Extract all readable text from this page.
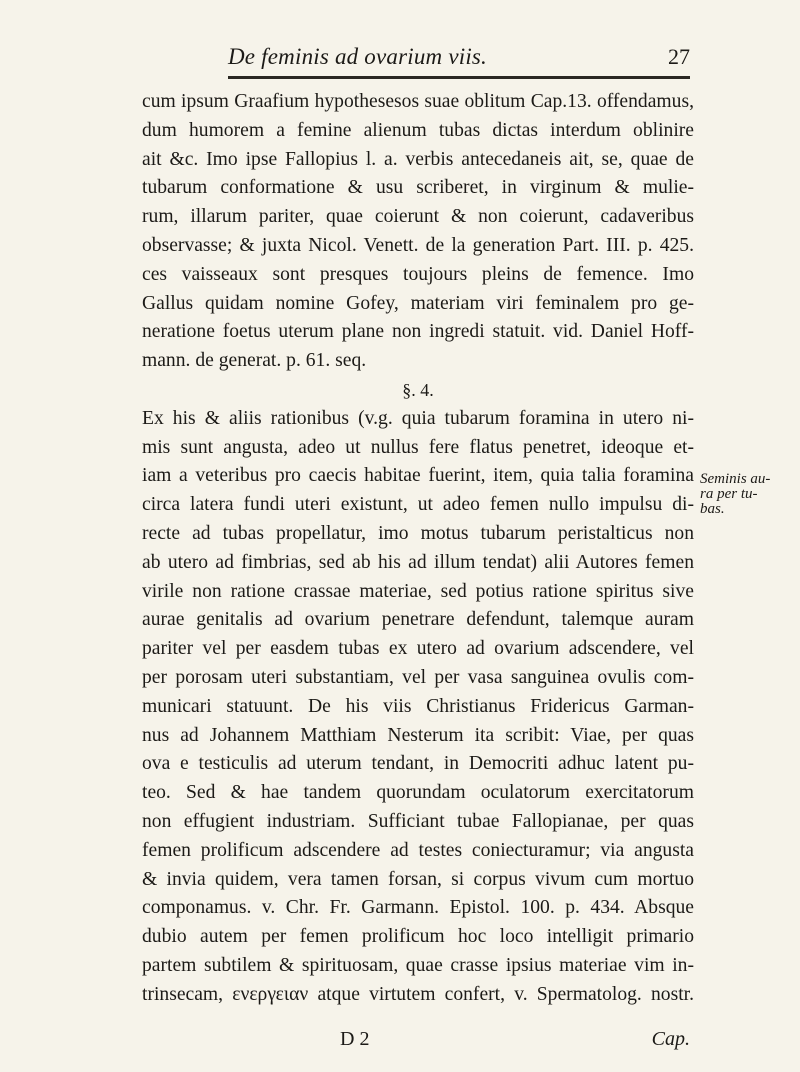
De feminis ad ovarium viis.	27
cum ipsum Graafium hypothesesos suae oblitum Cap.13. offendamus,
dum humorem a femine alienum tubas dictas interdum oblinire
ait &c. Imo ipse Fallopius l. a. verbis antecedaneis ait, se, quae de
tubarum conformatione & usu scriberet, in virginum & mulie-
rum, illarum pariter, quae coierunt & non coierunt, cadaveribus
observasse; & juxta Nicol. Venett. de la generation Part. III. p. 425.
ces vaisseaux sont presques toujours pleins de femence. Imo
Gallus quidam nomine Gofey, materiam viri feminalem pro ge-
neratione foetus uterum plane non ingredi statuit. vid. Daniel Hoff-
mann. de generat. p. 61. seq.
§. 4.
Ex his & aliis rationibus (v.g. quia tubarum foramina in utero ni-
mis sunt angusta, adeo ut nullus fere flatus penetret, ideoque et-
iam a veteribus pro caecis habitae fuerint, item, quia talia foramina
circa latera fundi uteri existunt, ut adeo femen nullo impulsu di-
recte ad tubas propellatur, imo motus tubarum peristalticus non
ab utero ad fimbrias, sed ab his ad illum tendat) alii Autores femen
virile non ratione crassae materiae, sed potius ratione spiritus sive
aurae genitalis ad ovarium penetrare defendunt, talemque auram
pariter vel per easdem tubas ex utero ad ovarium adscendere, vel
per porosam uteri substantiam, vel per vasa sanguinea ovulis com-
municari statuunt. De his viis Christianus Fridericus Garman-
nus ad Johannem Matthiam Nesterum ita scribit: Viae, per quas
ova e testiculis ad uterum tendant, in Democriti adhuc latent pu-
teo. Sed & hae tandem quorundam oculatorum exercitatorum
non effugient industriam. Sufficiant tubae Fallopianae, per quas
femen prolificum adscendere ad testes coniecturamur; via angusta
& invia quidem, vera tamen forsan, si corpus vivum cum mortuo
componamus. v. Chr. Fr. Garmann. Epistol. 100. p. 434. Absque
dubio autem per femen prolificum hoc loco intelligit primario
partem subtilem & spirituosam, quae crasse ipsius materiae vim in-
trinsecam, ενεργειαν atque virtutem confert, v. Spermatolog. nostr.
Seminis au-
ra per tu-
bas.
D 2	Cap.
